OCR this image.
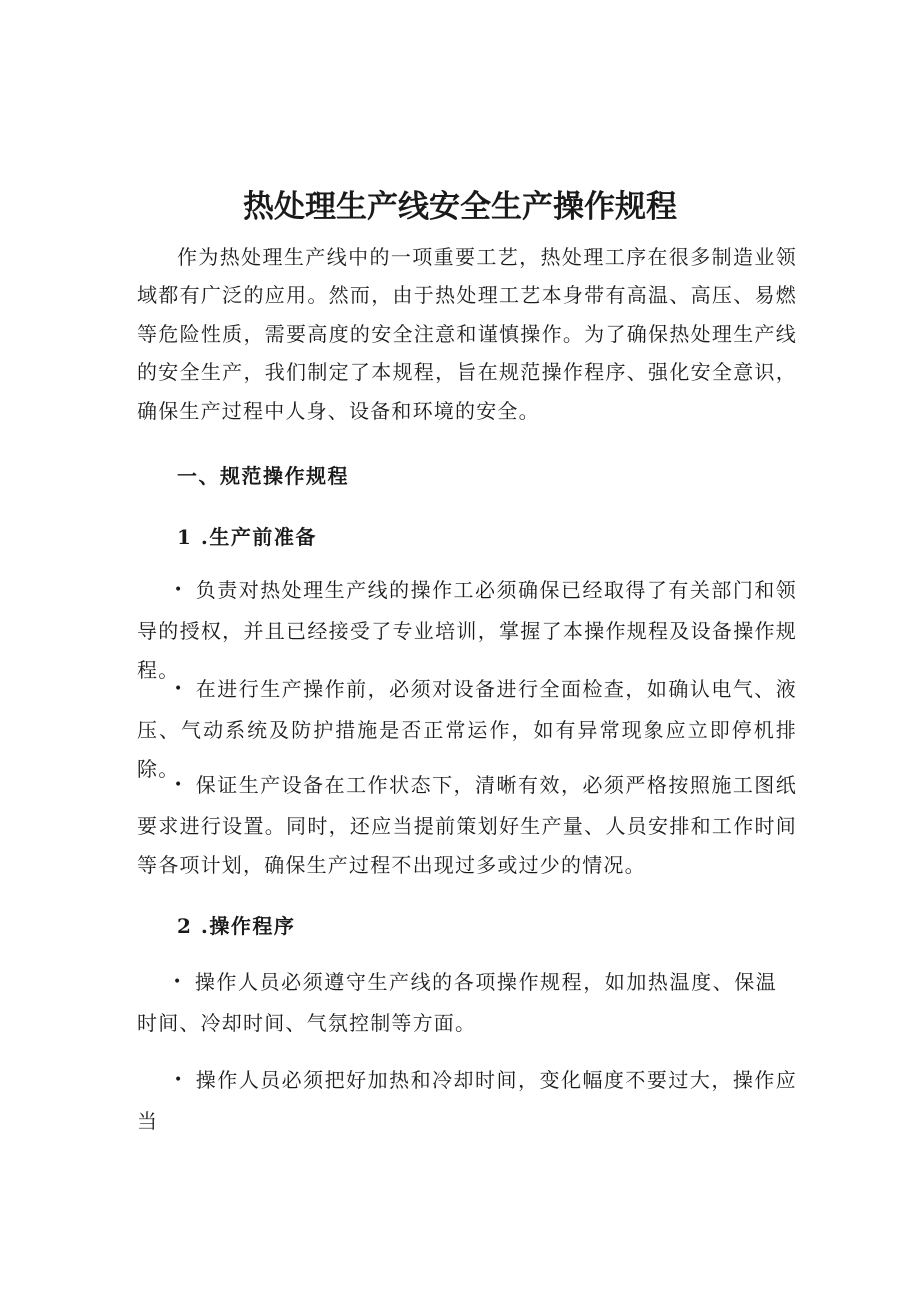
热处理生产线安全生产操作规程

作为热处理生产线中的一项重要工艺，热处理工序在很多制造业领域都有广泛的应用。然而，由于热处理工艺本身带有高温、高压、易燃等危险性质，需要高度的安全注意和谨慎操作。为了确保热处理生产线的安全生产，我们制定了本规程，旨在规范操作程序、强化安全意识，确保生产过程中人身、设备和环境的安全。

一、规范操作规程
1 .生产前准备

• 负责对热处理生产线的操作工必须确保已经取得了有关部门和领导的授权，并且已经接受了专业培训，掌握了本操作规程及设备操作规程。

• 在进行生产操作前，必须对设备进行全面检查，如确认电气、液压、气动系统及防护措施是否正常运作，如有异常现象应立即停机排除。

• 保证生产设备在工作状态下，清晰有效，必须严格按照施工图纸要求进行设置。同时，还应当提前策划好生产量、人员安排和工作时间等各项计划，确保生产过程不出现过多或过少的情况。

2 .操作程序

• 操作人员必须遵守生产线的各项操作规程，如加热温度、保温时间、冷却时间、气氛控制等方面。

• 操作人员必须把好加热和冷却时间，变化幅度不要过大，操作应当
